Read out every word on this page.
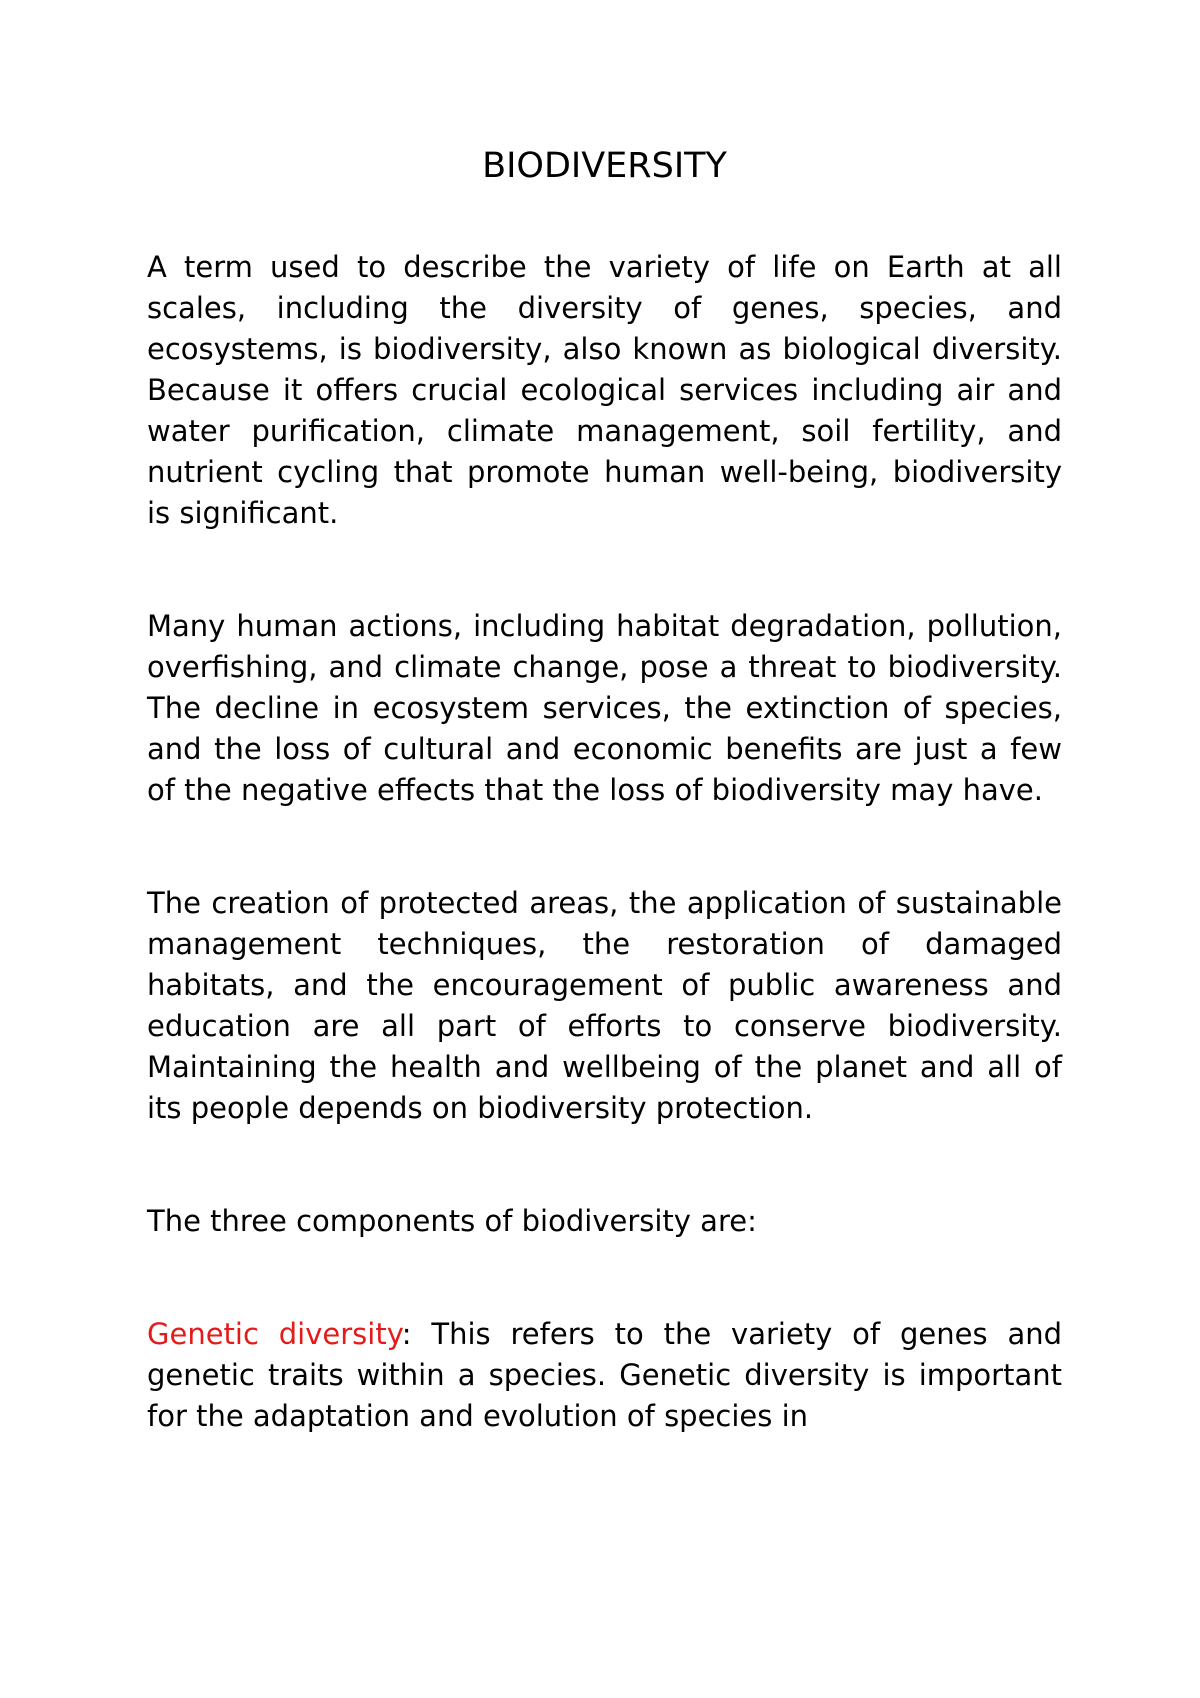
BIODIVERSITY

A term used to describe the variety of life on Earth at all scales, including the diversity of genes, species, and ecosystems, is biodiversity, also known as biological diversity. Because it offers crucial ecological services including air and water purification, climate management, soil fertility, and nutrient cycling that promote human well-being, biodiversity is significant.

Many human actions, including habitat degradation, pollution, overfishing, and climate change, pose a threat to biodiversity. The decline in ecosystem services, the extinction of species, and the loss of cultural and economic benefits are just a few of the negative effects that the loss of biodiversity may have.

The creation of protected areas, the application of sustainable management techniques, the restoration of damaged habitats, and the encouragement of public awareness and education are all part of efforts to conserve biodiversity. Maintaining the health and wellbeing of the planet and all of its people depends on biodiversity protection.

The three components of biodiversity are:

Genetic diversity: This refers to the variety of genes and genetic traits within a species. Genetic diversity is important for the adaptation and evolution of species in
